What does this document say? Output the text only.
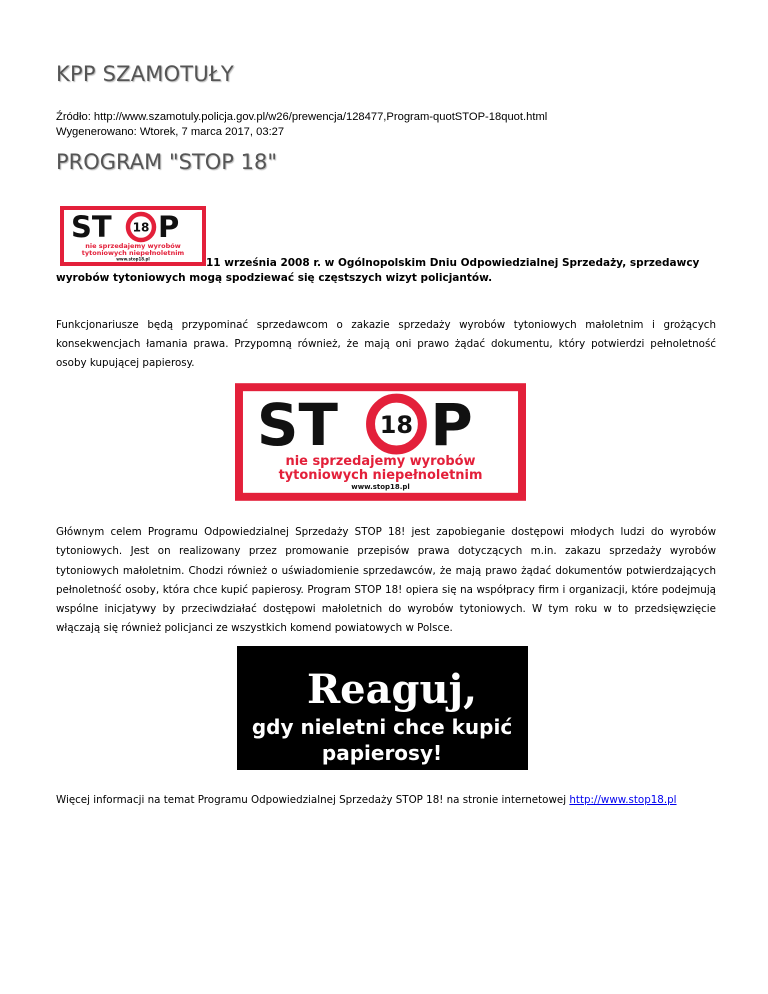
KPP SZAMOTUŁY
Źródło: http://www.szamotuly.policja.gov.pl/w26/prewencja/128477,Program-quotSTOP-18quot.html
Wygenerowano: Wtorek, 7 marca 2017, 03:27
PROGRAM "STOP 18"
ST 18 P
nie sprzedajemy wyrobów
tytoniowych niepełnoletnim
www.stop18.pl	11 września 2008 r. w Ogólnopolskim Dniu Odpowiedzialnej Sprzedaży, sprzedawcy wyrobów tytoniowych mogą spodziewać się częstszych wizyt policjantów.
Funkcjonariusze będą przypominać sprzedawcom o zakazie sprzedaży wyrobów tytoniowych małoletnim i grożących konsekwencjach łamania prawa. Przypomną również, że mają oni prawo żądać dokumentu, który potwierdzi pełnoletność osoby kupującej papierosy.
ST 18 P
nie sprzedajemy wyrobów
tytoniowych niepełnoletnim
www.stop18.pl
Głównym celem Programu Odpowiedzialnej Sprzedaży STOP 18! jest zapobieganie dostępowi młodych ludzi do wyrobów tytoniowych. Jest on realizowany przez promowanie przepisów prawa dotyczących m.in. zakazu sprzedaży wyrobów tytoniowych małoletnim. Chodzi również o uświadomienie sprzedawców, że mają prawo żądać dokumentów potwierdzających pełnoletność osoby, która chce kupić papierosy. Program STOP 18! opiera się na współpracy firm i organizacji, które podejmują wspólne inicjatywy by przeciwdziałać dostępowi małoletnich do wyrobów tytoniowych. W tym roku w to przedsięwzięcie włączają się również policjanci ze wszystkich komend powiatowych w Polsce.
Reaguj,
gdy nieletni chce kupić
papierosy!
Więcej informacji na temat Programu Odpowiedzialnej Sprzedaży STOP 18! na stronie internetowej http://www.stop18.pl
